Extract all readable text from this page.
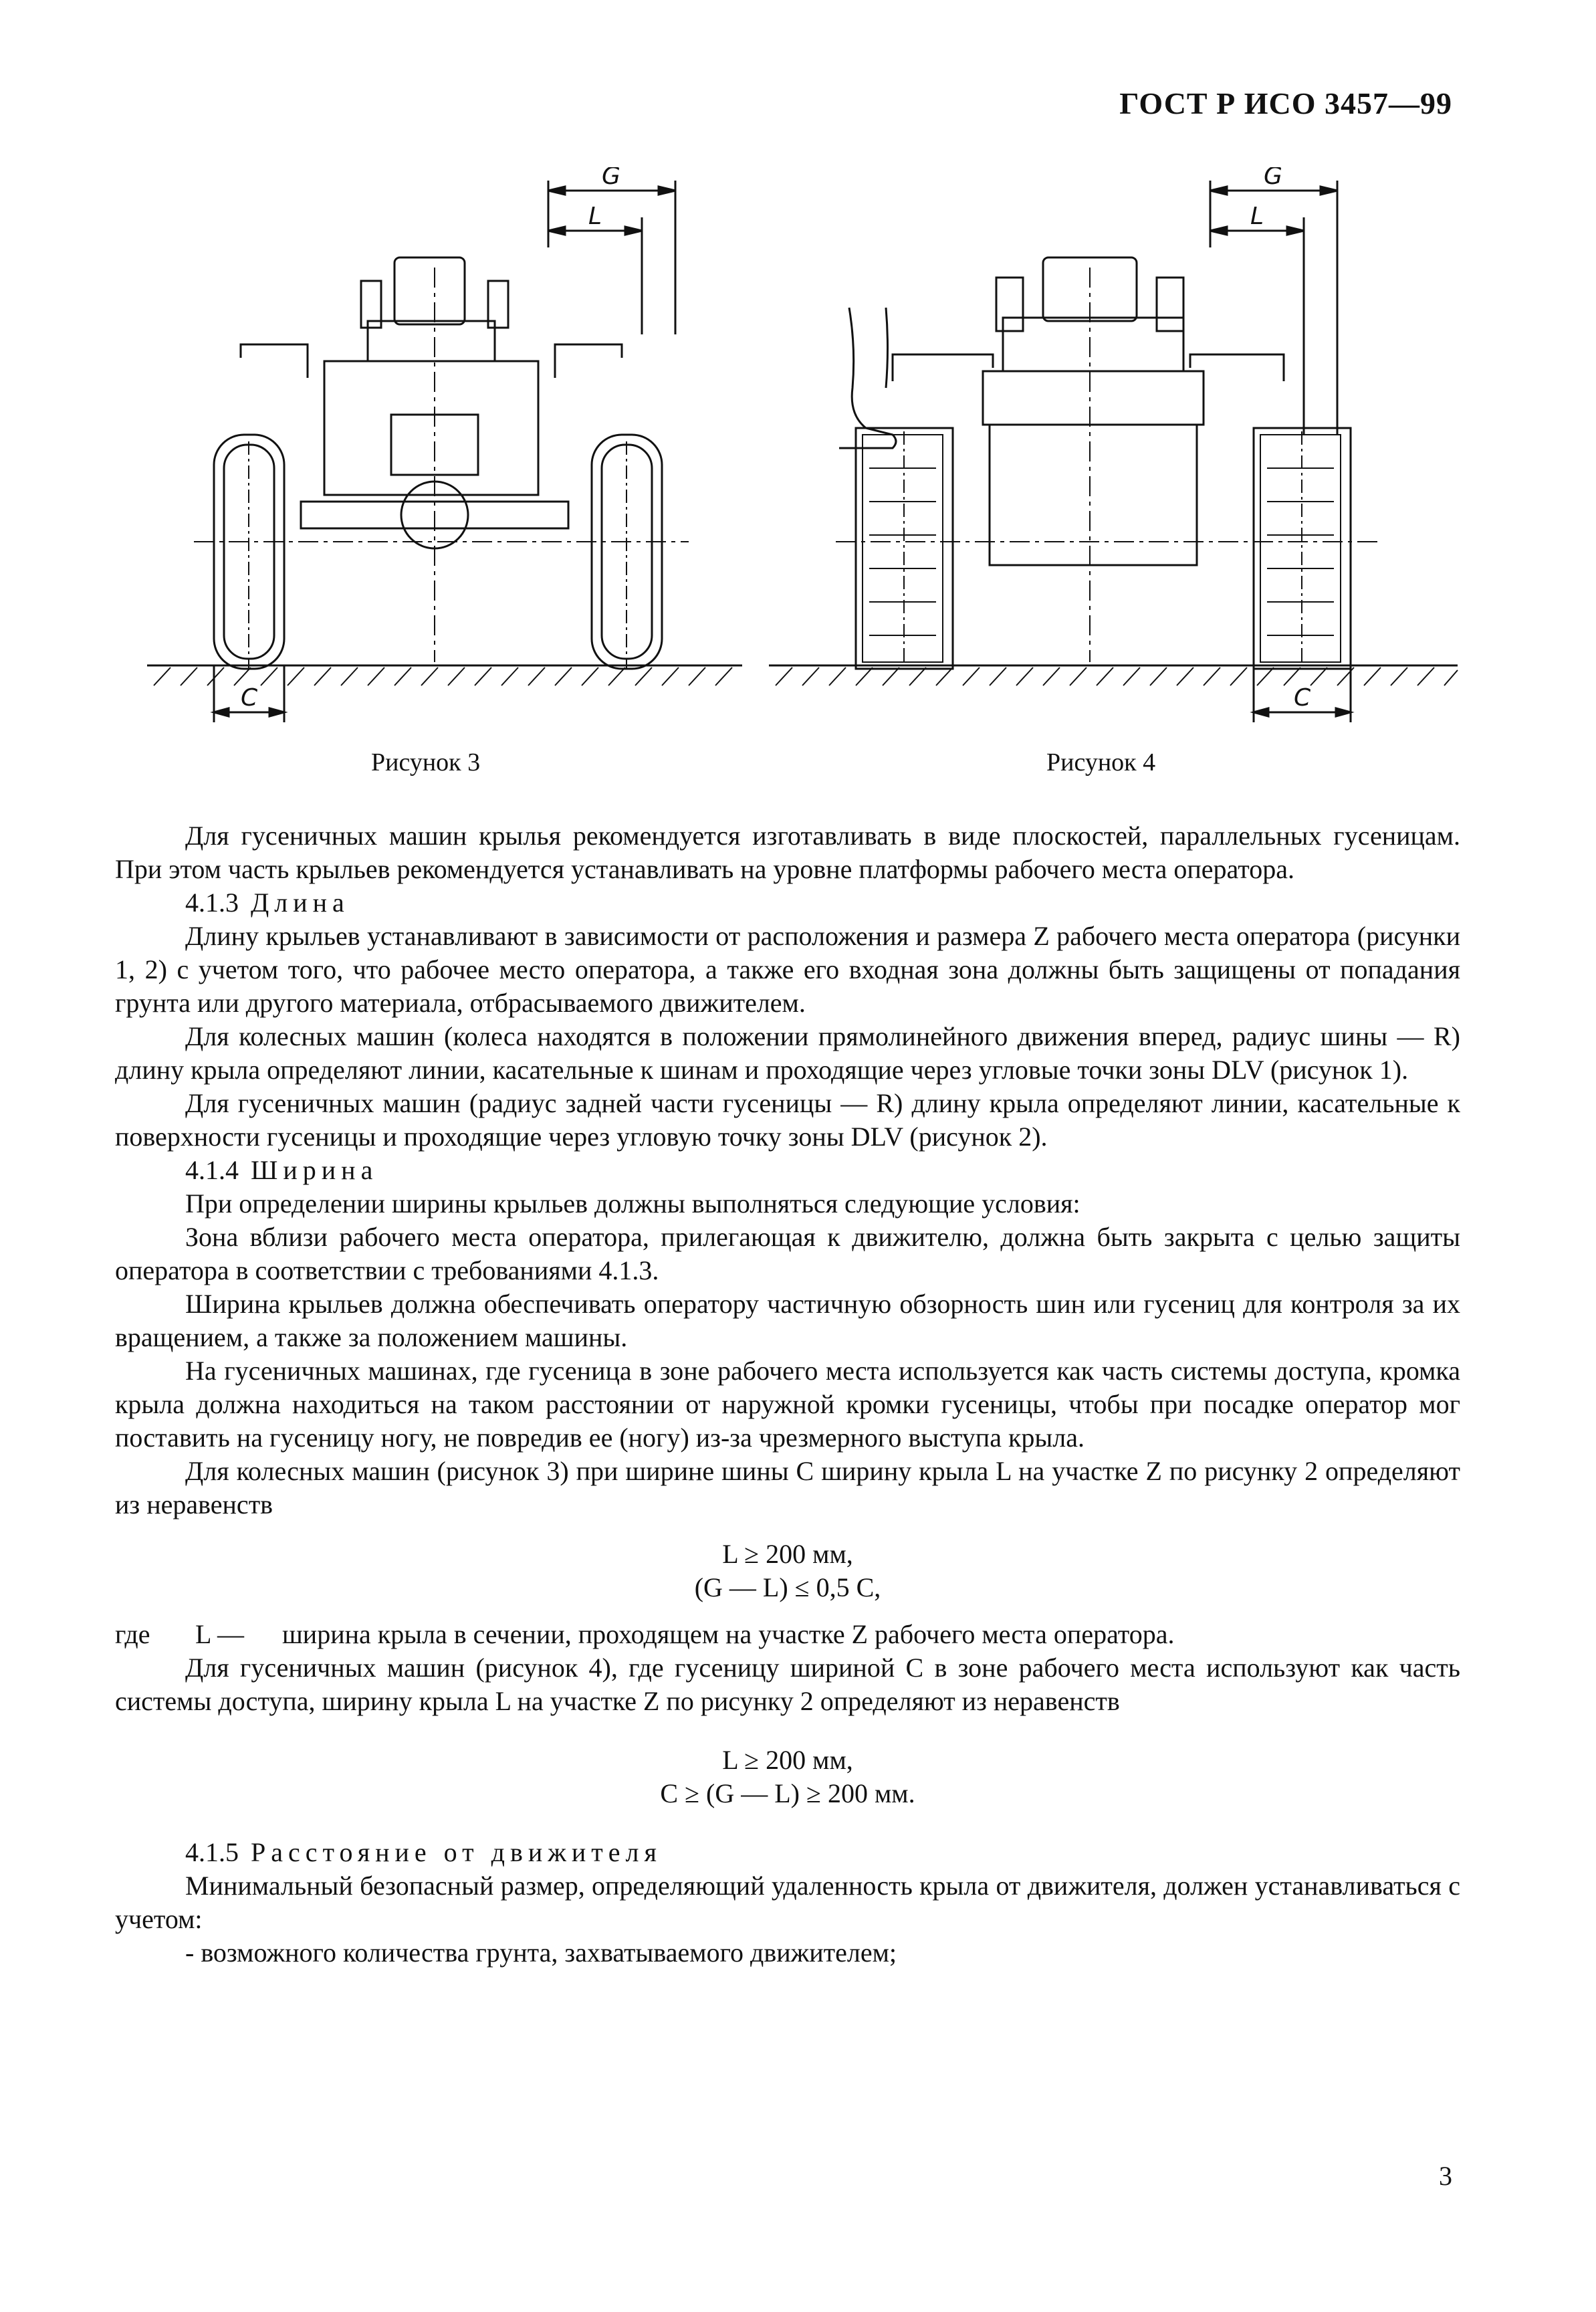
ГОСТ Р ИСО 3457—99
G
L
C
G
L
C
Рисунок 3	Рисунок 4

Для гусеничных машин крылья рекомендуется изготавливать в виде плоскостей, параллельных гусеницам. При этом часть крыльев рекомендуется устанавливать на уровне платформы рабочего места оператора.

4.1.3 Длина

Длину крыльев устанавливают в зависимости от расположения и размера Z рабочего места оператора (рисунки 1, 2) с учетом того, что рабочее место оператора, а также его входная зона должны быть защищены от попадания грунта или другого материала, отбрасываемого движителем.

Для колесных машин (колеса находятся в положении прямолинейного движения вперед, радиус шины — R) длину крыла определяют линии, касательные к шинам и проходящие через угловые точки зоны DLV (рисунок 1).

Для гусеничных машин (радиус задней части гусеницы — R) длину крыла определяют линии, касательные к поверхности гусеницы и проходящие через угловую точку зоны DLV (рисунок 2).

4.1.4 Ширина

При определении ширины крыльев должны выполняться следующие условия:

Зона вблизи рабочего места оператора, прилегающая к движителю, должна быть закрыта с целью защиты оператора в соответствии с требованиями 4.1.3.

Ширина крыльев должна обеспечивать оператору частичную обзорность шин или гусениц для контроля за их вращением, а также за положением машины.

На гусеничных машинах, где гусеница в зоне рабочего места используется как часть системы доступа, кромка крыла должна находиться на таком расстоянии от наружной кромки гусеницы, чтобы при посадке оператор мог поставить на гусеницу ногу, не повредив ее (ногу) из-за чрезмерного выступа крыла.

Для колесных машин (рисунок 3) при ширине шины C ширину крыла L на участке Z по рисунку 2 определяют из неравенств

L ≥ 200 мм,
(G — L) ≤ 0,5 C,

где L — ширина крыла в сечении, проходящем на участке Z рабочего места оператора.

Для гусеничных машин (рисунок 4), где гусеницу шириной C в зоне рабочего места используют как часть системы доступа, ширину крыла L на участке Z по рисунку 2 определяют из неравенств

L ≥ 200 мм,
C ≥ (G — L) ≥ 200 мм.

4.1.5 Расстояние от движителя

Минимальный безопасный размер, определяющий удаленность крыла от движителя, должен устанавливаться с учетом:

- возможного количества грунта, захватываемого движителем;

3
